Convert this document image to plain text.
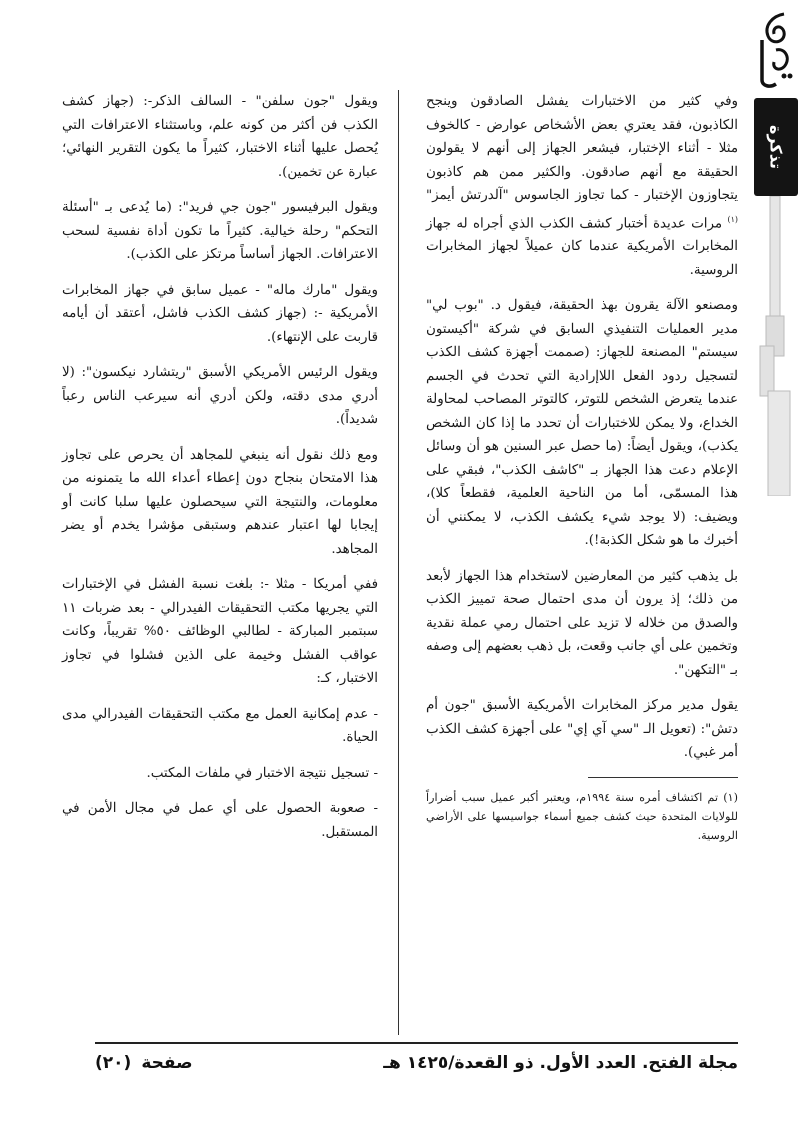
تذكرة

وفي كثير من الاختبارات يفشل الصادقون وينجح الكاذبون، فقد يعتري بعض الأشخاص عوارض - كالخوف مثلا - أثناء الإختبار، فيشعر الجهاز إلى أنهم لا يقولون الحقيقة مع أنهم صادقون. والكثير ممن هم كاذبون يتجاوزون الإختبار - كما تجاوز الجاسوس "آلدرتش أيمز"$^{(١)}$ مرات عديدة أختبار كشف الكذب الذي أجراه له جهاز المخابرات الأمريكية عندما كان عميلاً لجهاز المخابرات الروسية.

ومصنعو الآلة يقرون بهذ الحقيقة، فيقول د. "بوب لي" مدير العمليات التنفيذي السابق في شركة "أكيستون سيستم" المصنعة للجهاز: (صممت أجهزة كشف الكذب لتسجيل ردود الفعل اللاإرادية التي تحدث في الجسم عندما يتعرض الشخص للتوتر، كالتوتر المصاحب لمحاولة الخداع، ولا يمكن للاختبارات أن تحدد ما إذا كان الشخص يكذب)، ويقول أيضاً: (ما حصل عبر السنين هو أن وسائل الإعلام دعت هذا الجهاز بـ "كاشف الكذب"، فبقي على هذا المسمّى، أما من الناحية العلمية، فقطعاً كلا)، ويضيف: (لا يوجد شيء يكشف الكذب، لا يمكنني أن أخبرك ما هو شكل الكذبة!).

بل يذهب كثير من المعارضين لاستخدام هذا الجهاز لأبعد من ذلك؛ إذ يرون أن مدى احتمال صحة تمييز الكذب والصدق من خلاله لا تزيد على احتمال رمي عملة نقدية وتخمين على أي جانب وقعت، بل ذهب بعضهم إلى وصفه بـ "التكهن".

يقول مدير مركز المخابرات الأمريكية الأسبق "جون أم دتش": (تعويل الـ "سي آي إي" على أجهزة كشف الكذب أمر غبي).

(١) تم اكتشاف أمره سنة ١٩٩٤م، ويعتبر أكبر عميل سبب أضراراً للولايات المتحدة حيث كشف جميع أسماء جواسيسها على الأراضي الروسية.

ويقول "جون سلفن" - السالف الذكر-: (جهاز كشف الكذب فن أكثر من كونه علم، وباستثناء الاعترافات التي يُحصل عليها أثناء الاختبار، كثيراً ما يكون التقرير النهائي؛ عبارة عن تخمين).

ويقول البرفيسور "جون جي فريد": (ما يُدعى بـ "أسئلة التحكم" رحلة خيالية. كثيراً ما تكون أداة نفسية لسحب الاعترافات. الجهاز أساساً مرتكز على الكذب).

ويقول "مارك ماله" - عميل سابق في جهاز المخابرات الأمريكية -: (جهاز كشف الكذب فاشل، أعتقد أن أيامه قاربت على الإنتهاء).

ويقول الرئيس الأمريكي الأسبق "ريتشارد نيكسون": (لا أدري مدى دقته، ولكن أدري أنه سيرعب الناس رعباً شديداً).

ومع ذلك نقول أنه ينبغي للمجاهد أن يحرص على تجاوز هذا الامتحان بنجاح دون إعطاء أعداء الله ما يتمنونه من معلومات، والنتيجة التي سيحصلون عليها سلبا كانت أو إيجابا لها اعتبار عندهم وستبقى مؤشرا يخدم أو يضر المجاهد.

ففي أمريكا - مثلا -: بلغت نسبة الفشل في الإختبارات التي يجريها مكتب التحقيقات الفيدرالي - بعد ضربات ١١ سبتمبر المباركة - لطالبي الوظائف ٥٠% تقريباً، وكانت عواقب الفشل وخيمة على الذين فشلوا في تجاوز الاختبار، كـ:

- عدم إمكانية العمل مع مكتب التحقيقات الفيدرالي مدى الحياة.

- تسجيل نتيجة الاختبار في ملفات المكتب.

- صعوبة الحصول على أي عمل في مجال الأمن في المستقبل.

مجلة الفتح. العدد الأول. ذو القعدة/١٤٢٥ هـ
صفحة
(٢٠)
